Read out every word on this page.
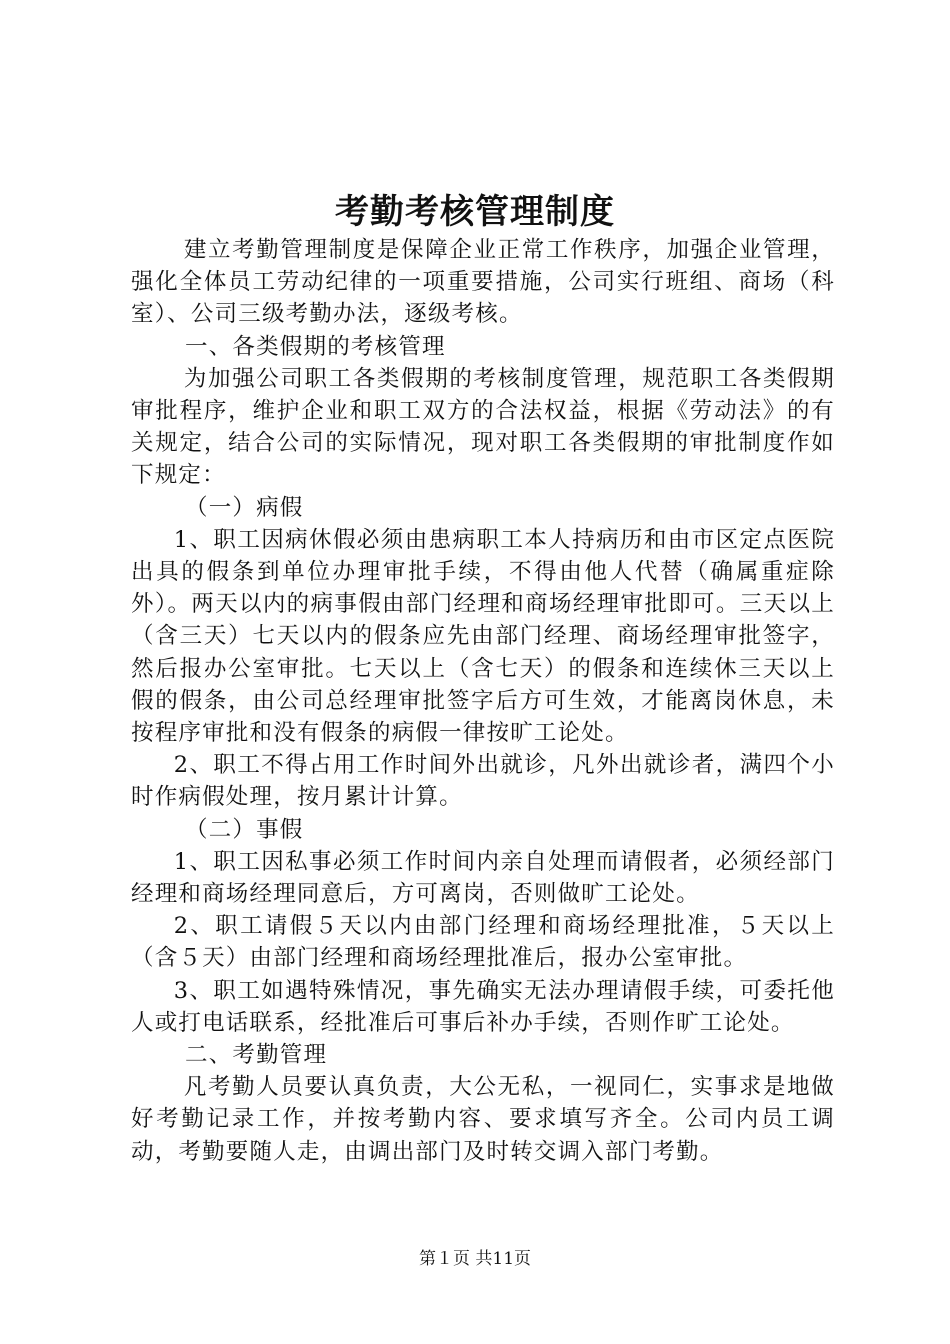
考勤考核管理制度

建立考勤管理制度是保障企业正常工作秩序，加强企业管理，强化全体员工劳动纪律的一项重要措施，公司实行班组、商场（科室）、公司三级考勤办法，逐级考核。

一、各类假期的考核管理

为加强公司职工各类假期的考核制度管理，规范职工各类假期审批程序，维护企业和职工双方的合法权益，根据《劳动法》的有关规定，结合公司的实际情况，现对职工各类假期的审批制度作如下规定：

（一）病假

1、职工因病休假必须由患病职工本人持病历和由市区定点医院出具的假条到单位办理审批手续，不得由他人代替（确属重症除外）。两天以内的病事假由部门经理和商场经理审批即可。三天以上（含三天）七天以内的假条应先由部门经理、商场经理审批签字，然后报办公室审批。七天以上（含七天）的假条和连续休三天以上假的假条，由公司总经理审批签字后方可生效，才能离岗休息，未按程序审批和没有假条的病假一律按旷工论处。

2、职工不得占用工作时间外出就诊，凡外出就诊者，满四个小时作病假处理，按月累计计算。

（二）事假

1、职工因私事必须工作时间内亲自处理而请假者，必须经部门经理和商场经理同意后，方可离岗，否则做旷工论处。

2、职工请假５天以内由部门经理和商场经理批准，５天以上（含５天）由部门经理和商场经理批准后，报办公室审批。

3、职工如遇特殊情况，事先确实无法办理请假手续，可委托他人或打电话联系，经批准后可事后补办手续，否则作旷工论处。

二、考勤管理

凡考勤人员要认真负责，大公无私，一视同仁，实事求是地做好考勤记录工作，并按考勤内容、要求填写齐全。公司内员工调动，考勤要随人走，由调出部门及时转交调入部门考勤。

第１页 共11页
